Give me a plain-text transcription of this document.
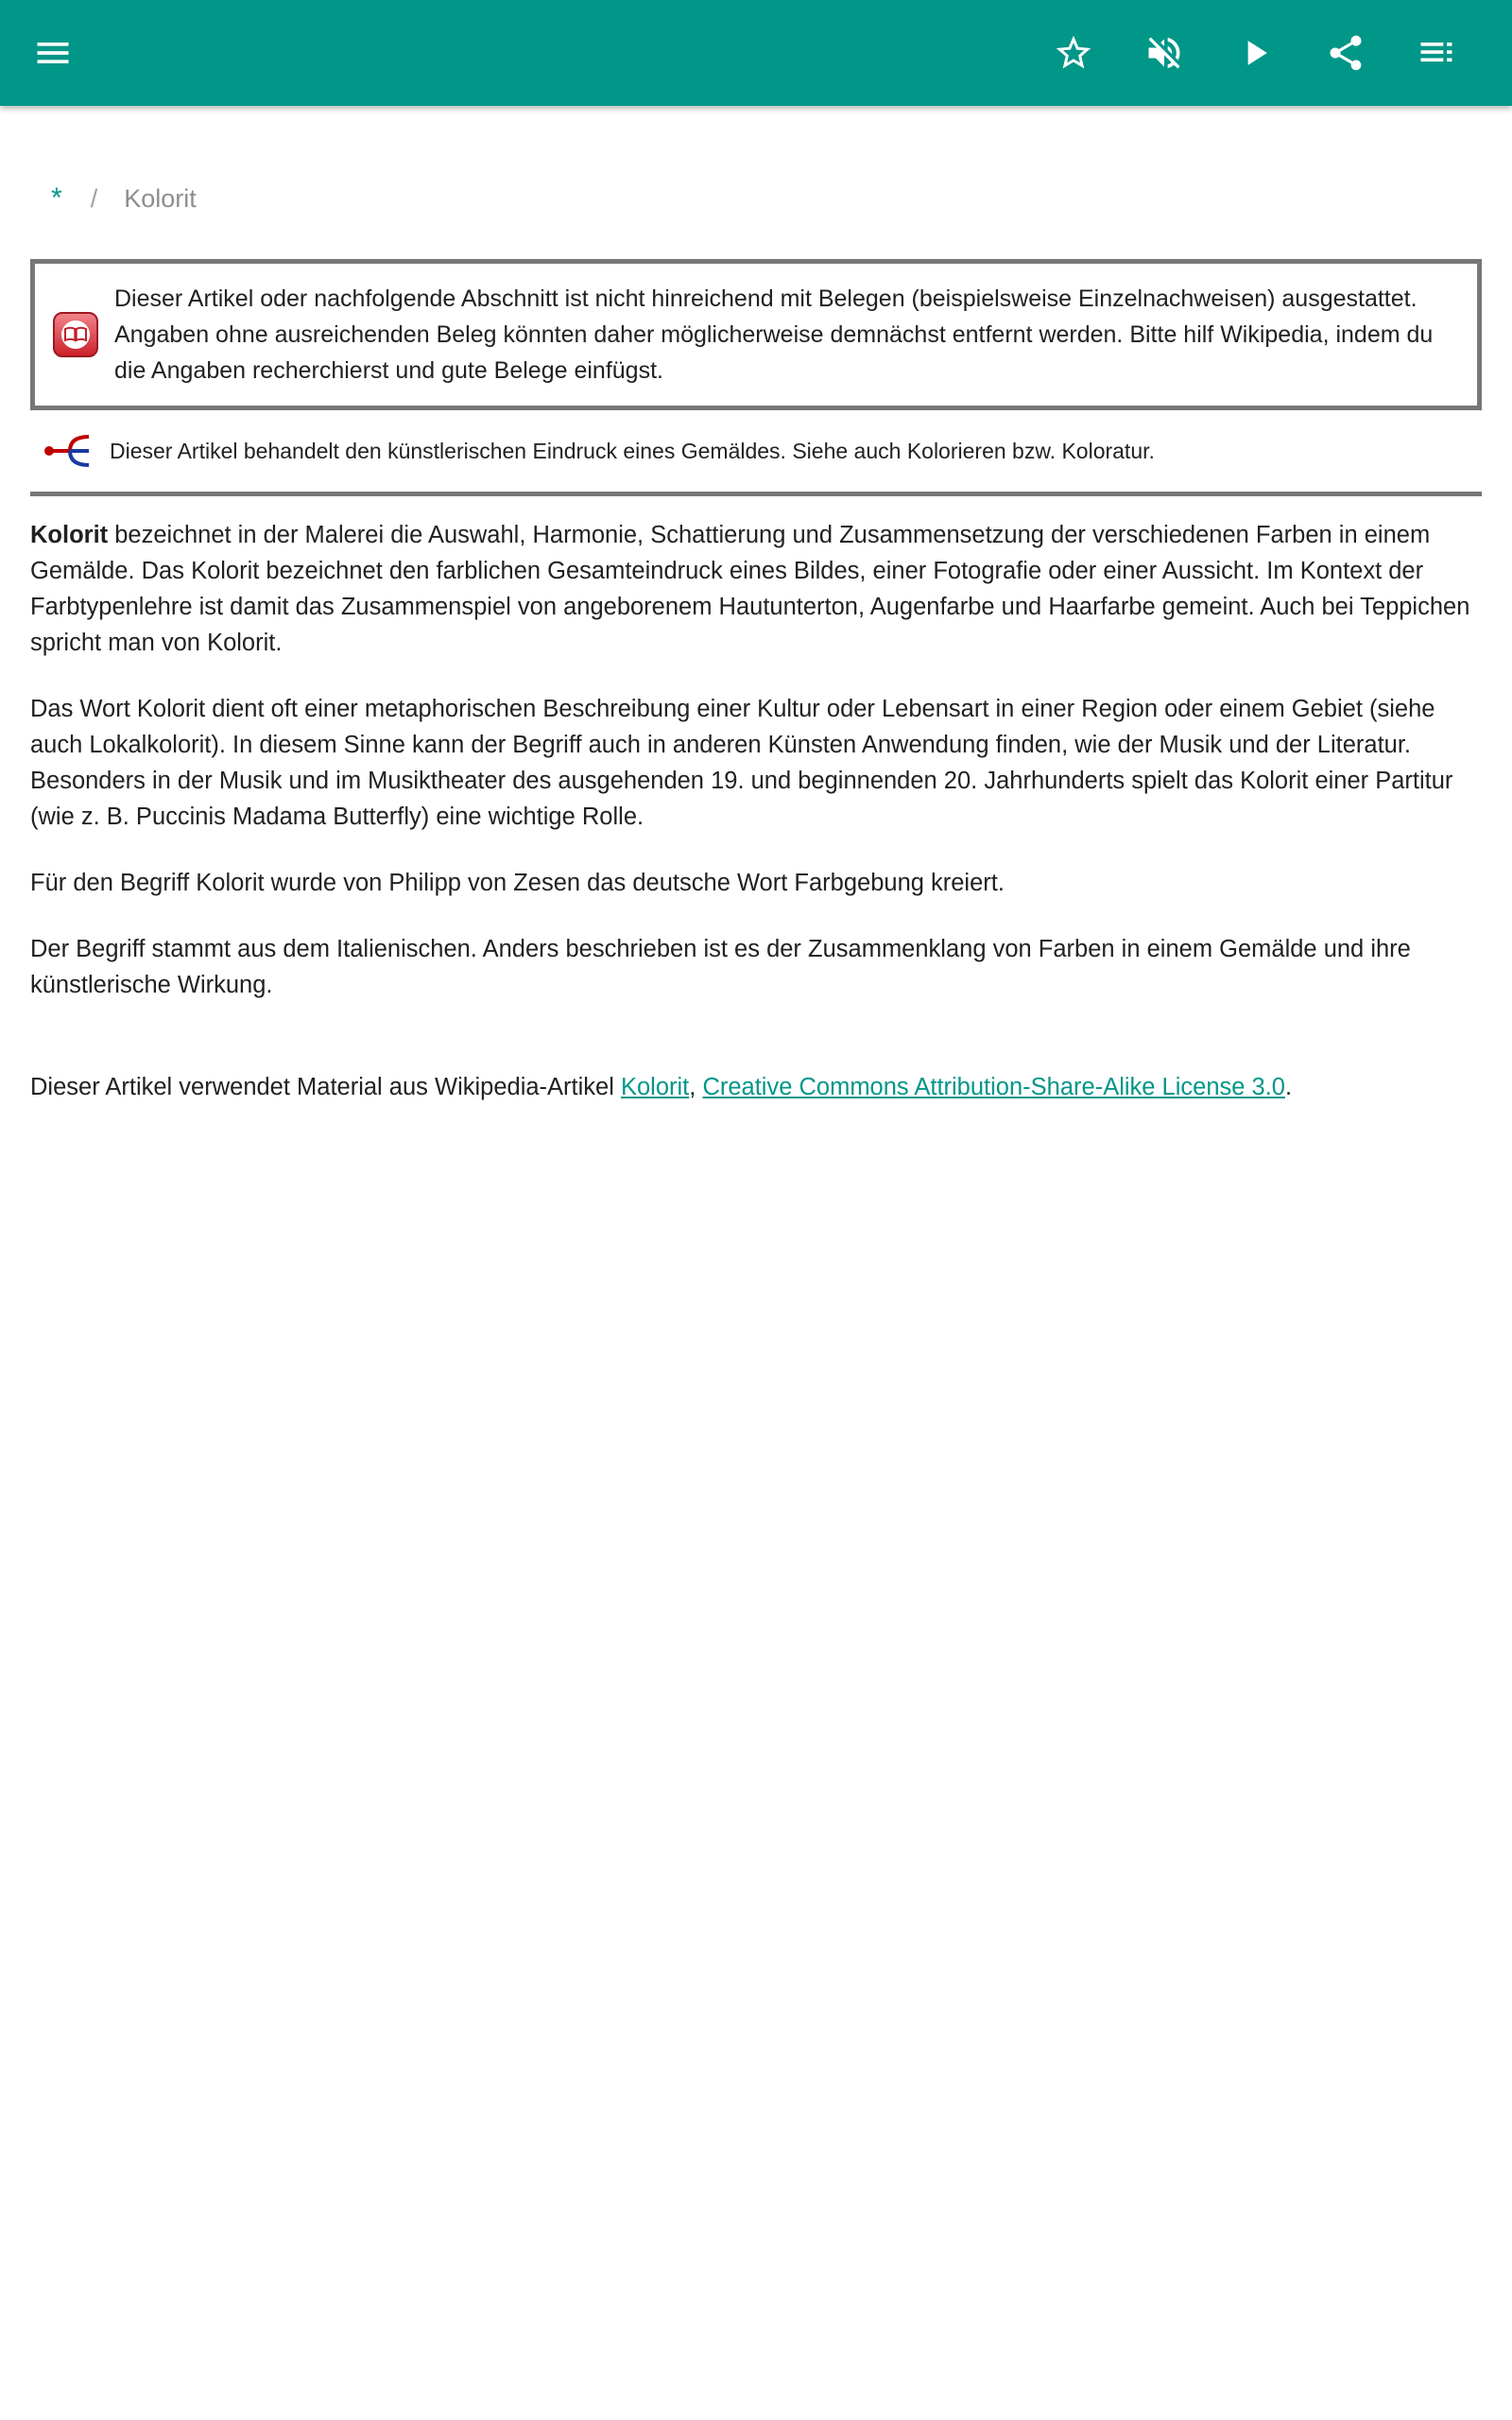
* / Kolorit
Dieser Artikel oder nachfolgende Abschnitt ist nicht hinreichend mit Belegen (beispielsweise Einzelnachweisen) ausgestattet. Angaben ohne ausreichenden Beleg könnten daher möglicherweise demnächst entfernt werden. Bitte hilf Wikipedia, indem du die Angaben recherchierst und gute Belege einfügst.
Dieser Artikel behandelt den künstlerischen Eindruck eines Gemäldes. Siehe auch Kolorieren bzw. Koloratur.

Kolorit bezeichnet in der Malerei die Auswahl, Harmonie, Schattierung und Zusammensetzung der verschiedenen Farben in einem Gemälde. Das Kolorit bezeichnet den farblichen Gesamteindruck eines Bildes, einer Fotografie oder einer Aussicht. Im Kontext der Farbtypenlehre ist damit das Zusammenspiel von angeborenem Hautunterton, Augenfarbe und Haarfarbe gemeint. Auch bei Teppichen spricht man von Kolorit.

Das Wort Kolorit dient oft einer metaphorischen Beschreibung einer Kultur oder Lebensart in einer Region oder einem Gebiet (siehe auch Lokalkolorit). In diesem Sinne kann der Begriff auch in anderen Künsten Anwendung finden, wie der Musik und der Literatur. Besonders in der Musik und im Musiktheater des ausgehenden 19. und beginnenden 20. Jahrhunderts spielt das Kolorit einer Partitur (wie z. B. Puccinis Madama Butterfly) eine wichtige Rolle.

Für den Begriff Kolorit wurde von Philipp von Zesen das deutsche Wort Farbgebung kreiert.

Der Begriff stammt aus dem Italienischen. Anders beschrieben ist es der Zusammenklang von Farben in einem Gemälde und ihre künstlerische Wirkung.

Dieser Artikel verwendet Material aus Wikipedia-Artikel Kolorit, Creative Commons Attribution-Share-Alike License 3.0.
